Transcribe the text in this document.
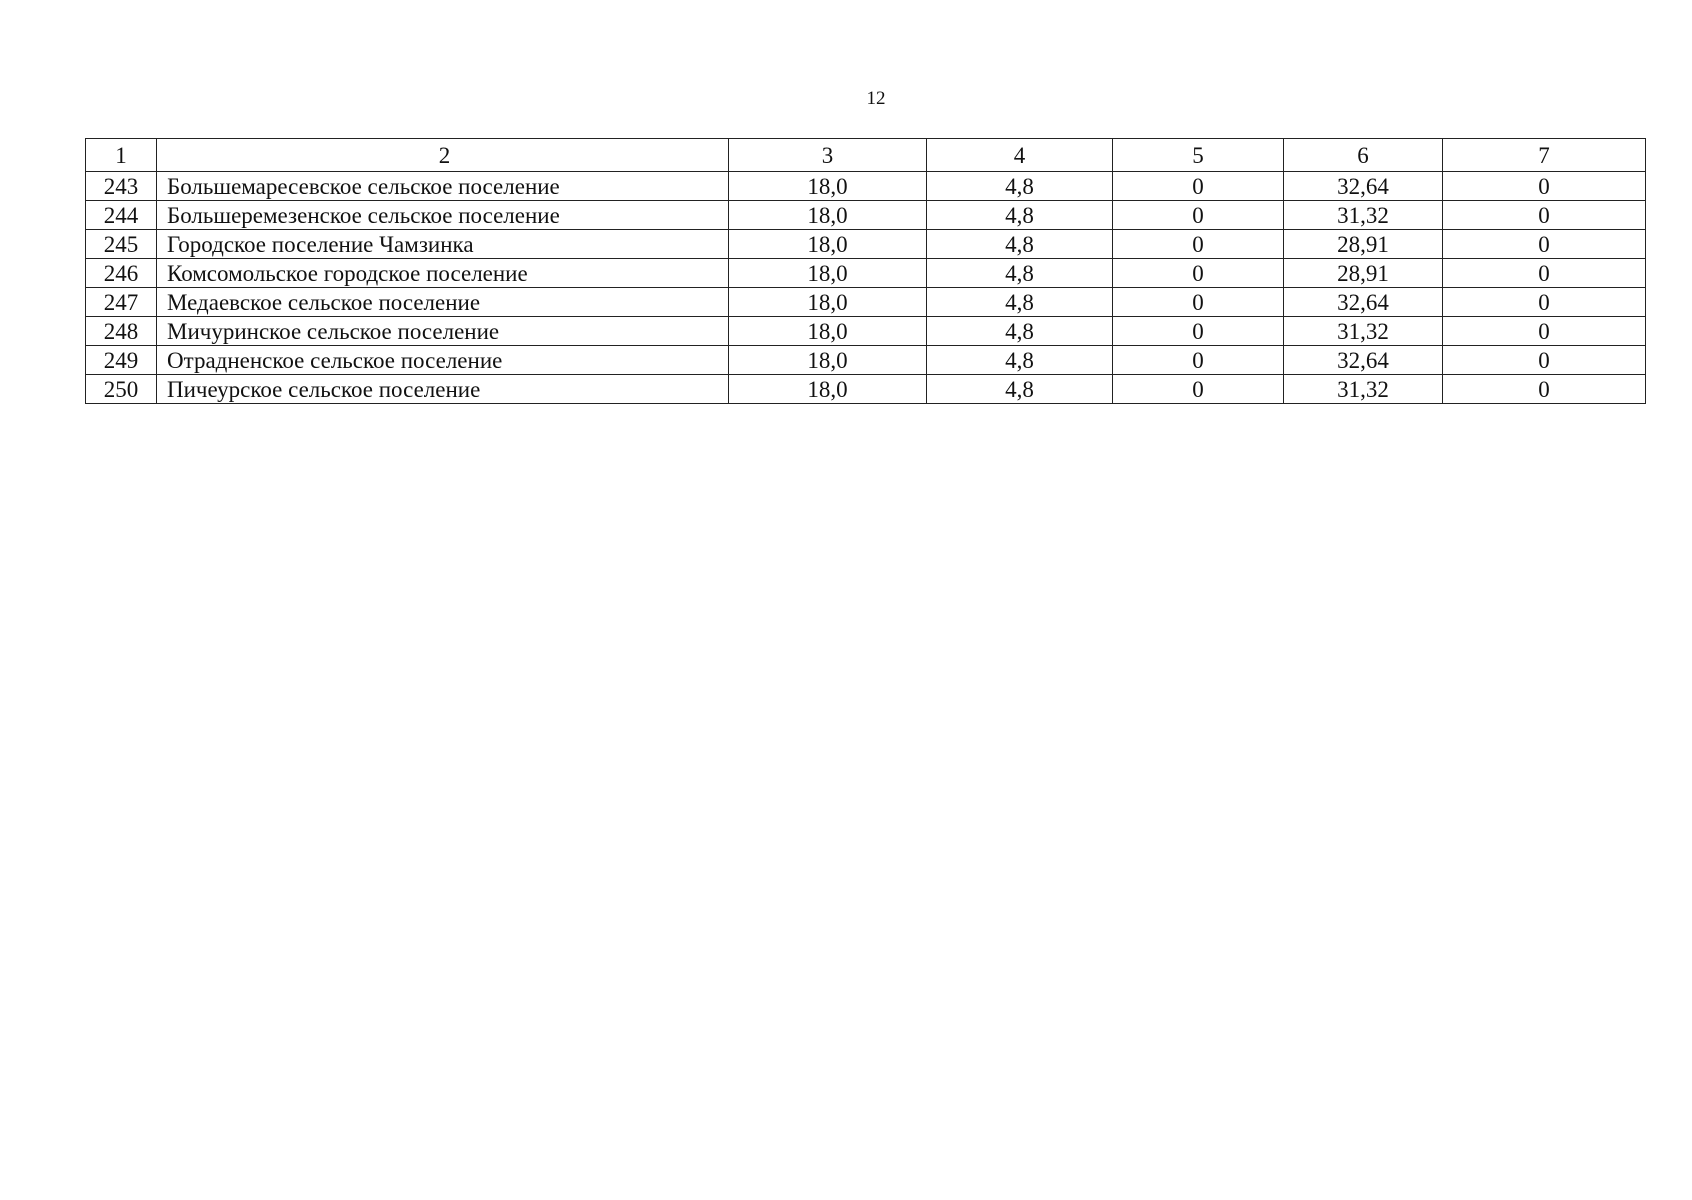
12
1	2	3	4	5	6	7
243	Большемаресевское сельское поселение	18,0	4,8	0	32,64	0
244	Большеремезенское сельское поселение	18,0	4,8	0	31,32	0
245	Городское поселение Чамзинка	18,0	4,8	0	28,91	0
246	Комсомольское городское поселение	18,0	4,8	0	28,91	0
247	Медаевское сельское поселение	18,0	4,8	0	32,64	0
248	Мичуринское сельское поселение	18,0	4,8	0	31,32	0
249	Отрадненское сельское поселение	18,0	4,8	0	32,64	0
250	Пичеурское сельское поселение	18,0	4,8	0	31,32	0
